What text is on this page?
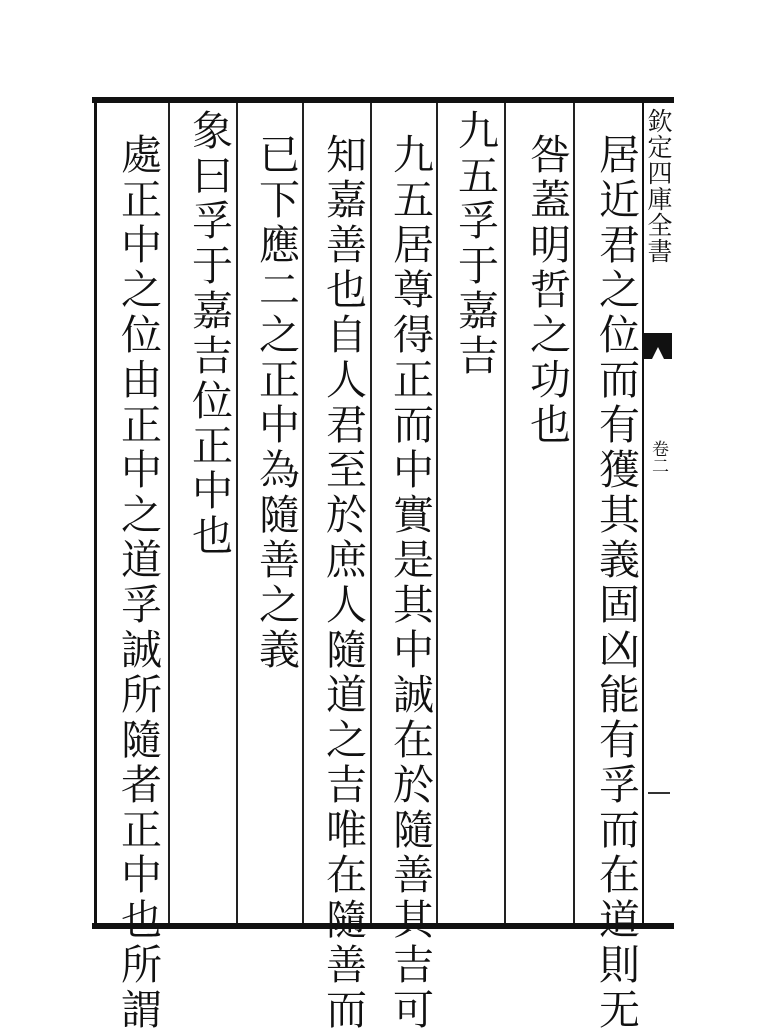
欽定四庫全書
卷二
居近君之位而有獲其義固凶能有孚而在道則无
咎蓋明哲之功也
九五孚于嘉吉
九五居尊得正而中實是其中誠在於隨善其吉可
知嘉善也自人君至於庶人隨道之吉唯在隨善而
已下應二之正中為隨善之義
象曰孚于嘉吉位正中也
處正中之位由正中之道孚誠所隨者正中也所謂
